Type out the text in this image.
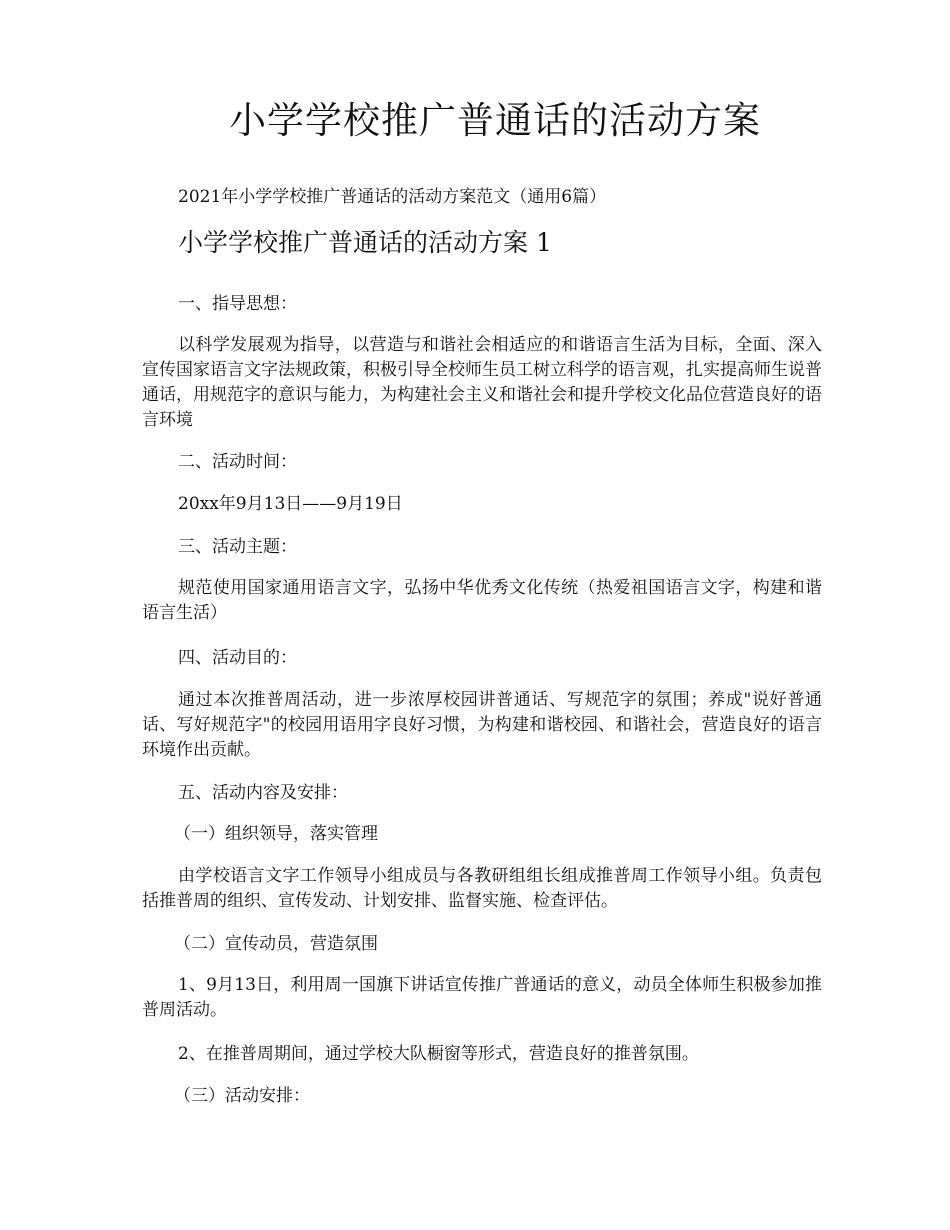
小学学校推广普通话的活动方案
2021年小学学校推广普通话的活动方案范文（通用6篇）
小学学校推广普通话的活动方案 1

一、指导思想：

以科学发展观为指导，以营造与和谐社会相适应的和谐语言生活为目标，全面、深入宣传国家语言文字法规政策，积极引导全校师生员工树立科学的语言观，扎实提高师生说普通话，用规范字的意识与能力，为构建社会主义和谐社会和提升学校文化品位营造良好的语言环境

二、活动时间：

20xx年9月13日——9月19日

三、活动主题：

规范使用国家通用语言文字，弘扬中华优秀文化传统（热爱祖国语言文字，构建和谐语言生活）

四、活动目的：

通过本次推普周活动，进一步浓厚校园讲普通话、写规范字的氛围；养成"说好普通话、写好规范字"的校园用语用字良好习惯，为构建和谐校园、和谐社会，营造良好的语言环境作出贡献。

五、活动内容及安排：

（一）组织领导，落实管理

由学校语言文字工作领导小组成员与各教研组组长组成推普周工作领导小组。负责包括推普周的组织、宣传发动、计划安排、监督实施、检查评估。

（二）宣传动员，营造氛围

1、9月13日，利用周一国旗下讲话宣传推广普通话的意义，动员全体师生积极参加推普周活动。

2、在推普周期间，通过学校大队橱窗等形式，营造良好的推普氛围。

（三）活动安排：
